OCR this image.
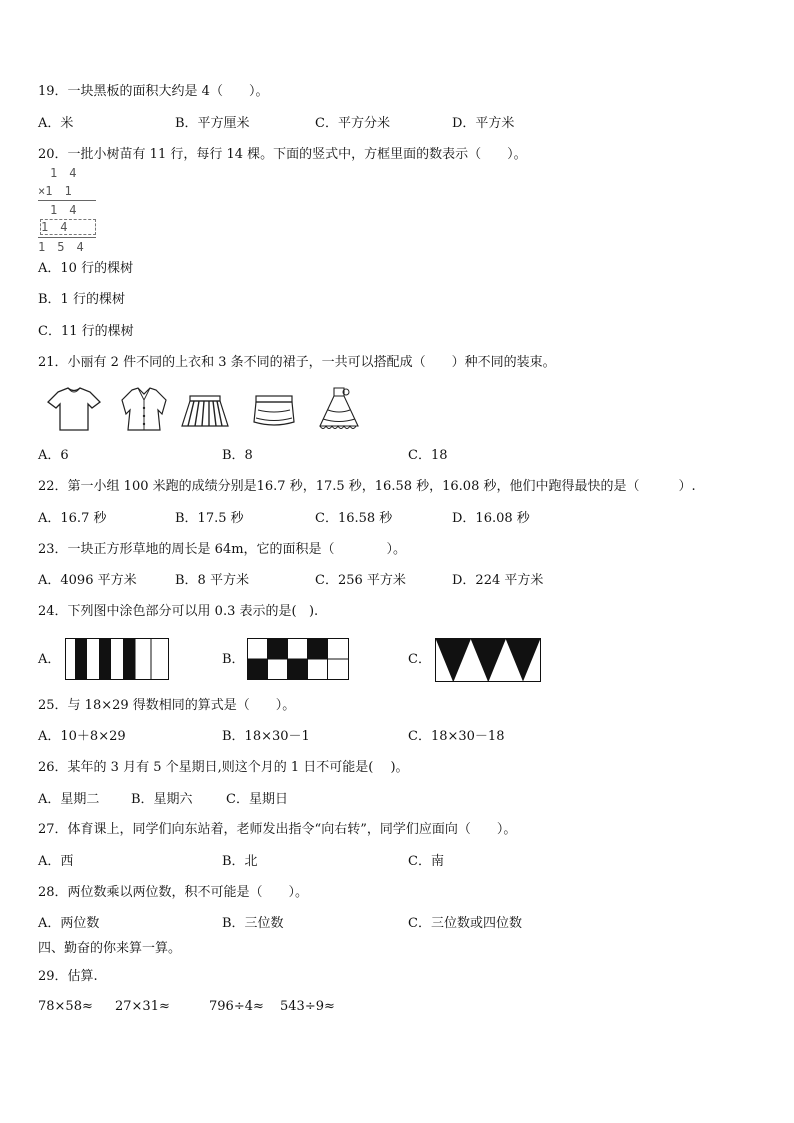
19．一块黑板的面积大约是 4（　　）。
A．米	B．平方厘米	C．平方分米	D．平方米
20．一批小树苗有 11 行，每行 14 棵。下面的竖式中，方框里面的数表示（　　）。
　1　4
×1　1
　1　4
1　4
1　5　4
A．10 行的棵树
B．1 行的棵树
C．11 行的棵树
21．小丽有 2 件不同的上衣和 3 条不同的裙子，一共可以搭配成（　　）种不同的装束。
A．6	B．8	C．18
22．第一小组 100 米跑的成绩分别是16.7 秒，17.5 秒，16.58 秒，16.08 秒，他们中跑得最快的是（　　　）.
A．16.7 秒	B．17.5 秒	C．16.58 秒	D．16.08 秒
23．一块正方形草地的周长是 64m，它的面积是（　　　　）。
A．4096 平方米	B．8 平方米	C．256 平方米	D．224 平方米
24．下列图中涂色部分可以用 0.3 表示的是(   ).
A．	B．	C．
25．与 18×29 得数相同的算式是（　　）。
A．10＋8×29	B．18×30－1	C．18×30－18
26．某年的 3 月有 5 个星期日,则这个月的 1 日不可能是(　 )。
A．星期二 B．星期六	C．星期日
27．体育课上，同学们向东站着，老师发出指令“向右转”，同学们应面向（　　）。
A．西	B．北	C．南
28．两位数乘以两位数，积不可能是（　　）。
A．两位数	B．三位数	C．三位数或四位数
四、勤奋的你来算一算。
29．估算.
78×58≈ 27×31≈	796÷4≈ 543÷9≈
